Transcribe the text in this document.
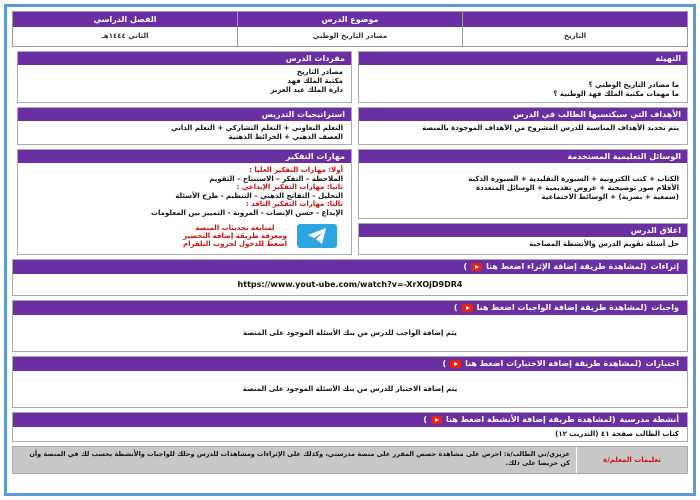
التاريخ
موضوع الدرس
مصادر التاريخ الوطني
الفصل الدراسي
الثاني ١٤٤٤هـ
التهيئة
ما مصادر التاريخ الوطني ؟
ما مهمات مكتبة الملك فهد الوطنية ؟
مفردات الدرس
مصادر التاريخ
مكتبة الملك فهد
دارة الملك عبد العزيز
الأهداف التي سيكتسبها الطالب في الدرس
يتم تحديد الأهداف المناسبة للدرس المشروح من الأهداف الموجودة بالمنصة
استراتيجيات التدريس
التعلم التعاوني + التعلم التشاركي + التعلم الذاتي
العصف الذهني + الخرائط الذهنية
الوسائل التعليمية المستخدمة
الكتاب + كتب الكترونية + السبورة التقليدية + السبورة الذكية
الأقلام صور توضيحية + عروض تقديمية + الوسائل المتعددة
(سمعية + بصرية) + الوسائط الاجتماعية
اغلاق الدرس
حل أسئلة تقويم الدرس والأنشطة المصاحبة
مهارات التفكير
أولا: مهارات التفكير العليا :
الملاحظة – التفكر – الاستنتاج – التقويم
ثانيا: مهارات التفكير الإبداعي :
التحليل – التقاتج الذهني – التنظيم - طرح الأسئلة
ثالثا: مهارات التفكير الناقد :
الإبداع - حسن الإنصات - المرونة - التمييز بين المعلومات
لمتابعة تحديثات المنصة
ومعرفة طريقة إضافة التحضير
اضغط للدخول لجروب التلقرام
إثراءات
(لمشاهدة طريقة إضافة الإثراء اضغط هنا
)
https://www.yout-ube.com/watch?v=-XrXOjD9DR4
واجبات
(لمشاهدة طريقة إضافة الواجبات اضغط هنا
)
يتم إضافة الواجب للدرس من بنك الأسئلة الموجود على المنصة
اختبارات
(لمشاهدة طريقة إضافة الاختبارات اضغط هنا
)
يتم إضافة الاختبار للدرس من بنك الأسئلة الموجود على المنصة
أنشطة مدرسية
(لمشاهدة طريقة إضافة الأنشطة اضغط هنا
)
كتاب الطالب صفحة ٤١ (التدريب ١٢)
تعليمات المعلم/ة
عزيزي/تي الطالب/ة: احرص على مشاهدة حصص المقرر على منصة مدرستي، وكذلك على الإثراءات ومشاهدات للدرس وحلك للواجبات والأنشطة بحسب لك في المنصة وأن كن حريصا على ذلك.
